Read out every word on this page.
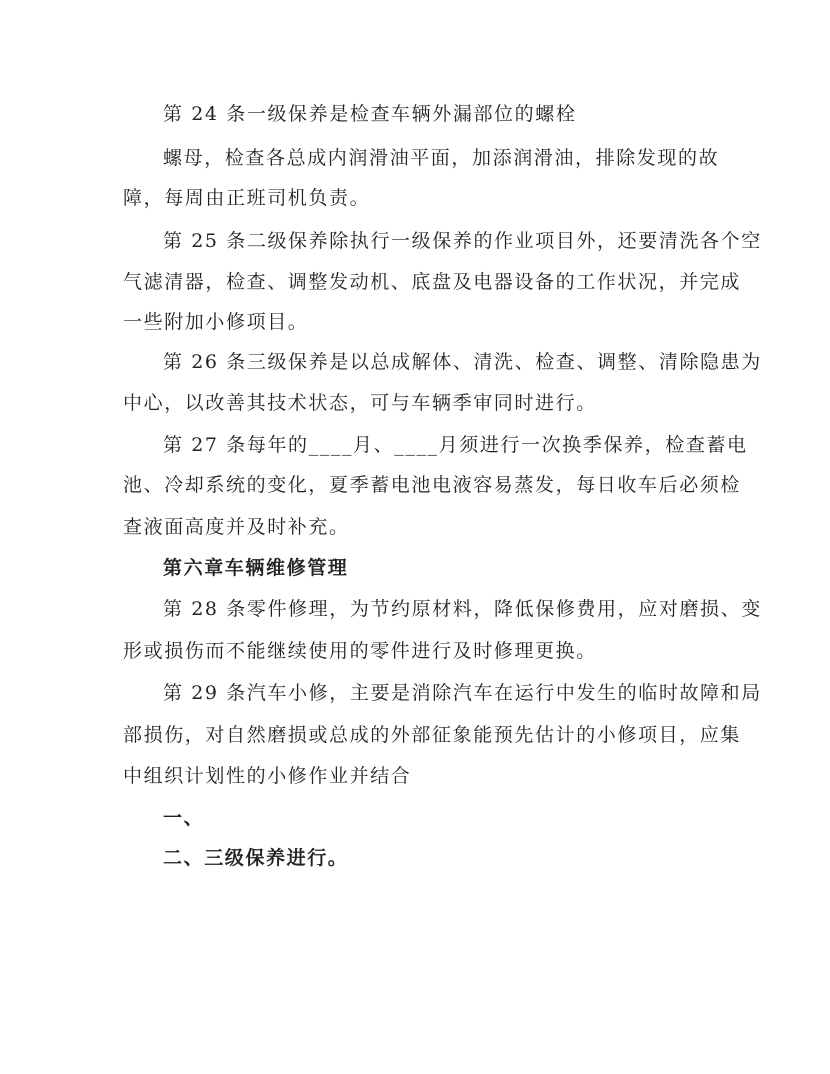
第 24 条一级保养是检查车辆外漏部位的螺栓
螺母，检查各总成内润滑油平面，加添润滑油，排除发现的故
障，每周由正班司机负责。
第 25 条二级保养除执行一级保养的作业项目外，还要清洗各个空
气滤清器，检查、调整发动机、底盘及电器设备的工作状况，并完成
一些附加小修项目。
第 26 条三级保养是以总成解体、清洗、检查、调整、清除隐患为
中心，以改善其技术状态，可与车辆季审同时进行。
第 27 条每年的____月、____月须进行一次换季保养，检查蓄电
池、冷却系统的变化，夏季蓄电池电液容易蒸发，每日收车后必须检
查液面高度并及时补充。
第六章车辆维修管理
第 28 条零件修理，为节约原材料，降低保修费用，应对磨损、变
形或损伤而不能继续使用的零件进行及时修理更换。
第 29 条汽车小修，主要是消除汽车在运行中发生的临时故障和局
部损伤，对自然磨损或总成的外部征象能预先估计的小修项目，应集
中组织计划性的小修作业并结合
一、
二、三级保养进行。
